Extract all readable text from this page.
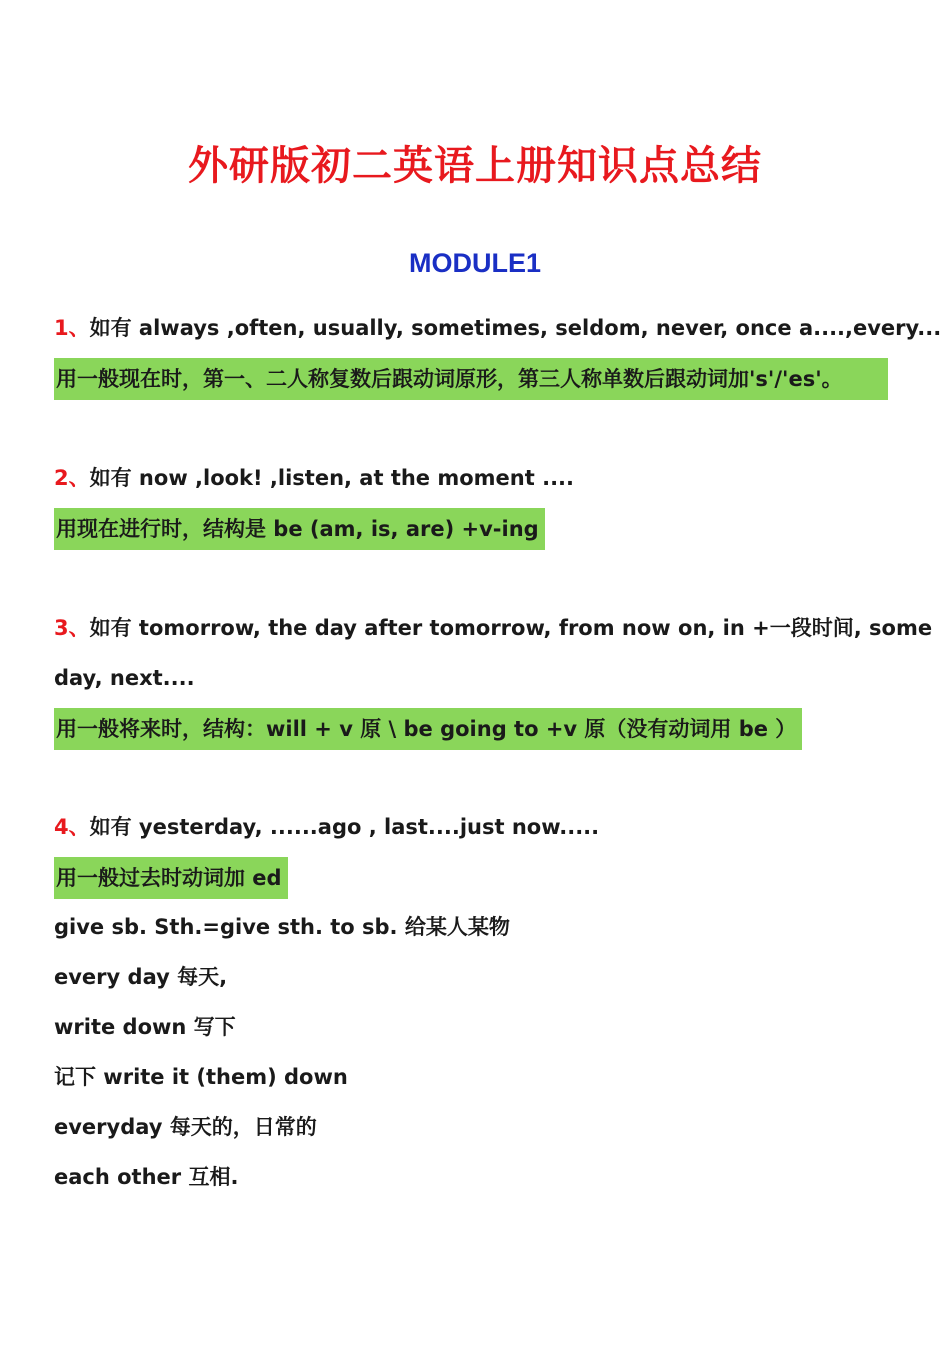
外研版初二英语上册知识点总结
MODULE1
1、如有 always ,often, usually, sometimes, seldom, never, once a....,every...
用一般现在时，第一、二人称复数后跟动词原形，第三人称单数后跟动词加's'/'es'。
2、如有 now ,look! ,listen, at the moment ....
用现在进行时，结构是 be (am, is, are) +v-ing
3、如有 tomorrow, the day after tomorrow, from now on, in +一段时间, some
day, next....
用一般将来时，结构：will + v 原 \ be going to +v 原（没有动词用 be ）
4、如有 yesterday, ......ago , last....just now.....
用一般过去时动词加 ed
give sb. Sth.=give sth. to sb. 给某人某物
every day 每天,
write down 写下
记下 write it (them) down
everyday 每天的，日常的
each other 互相.
